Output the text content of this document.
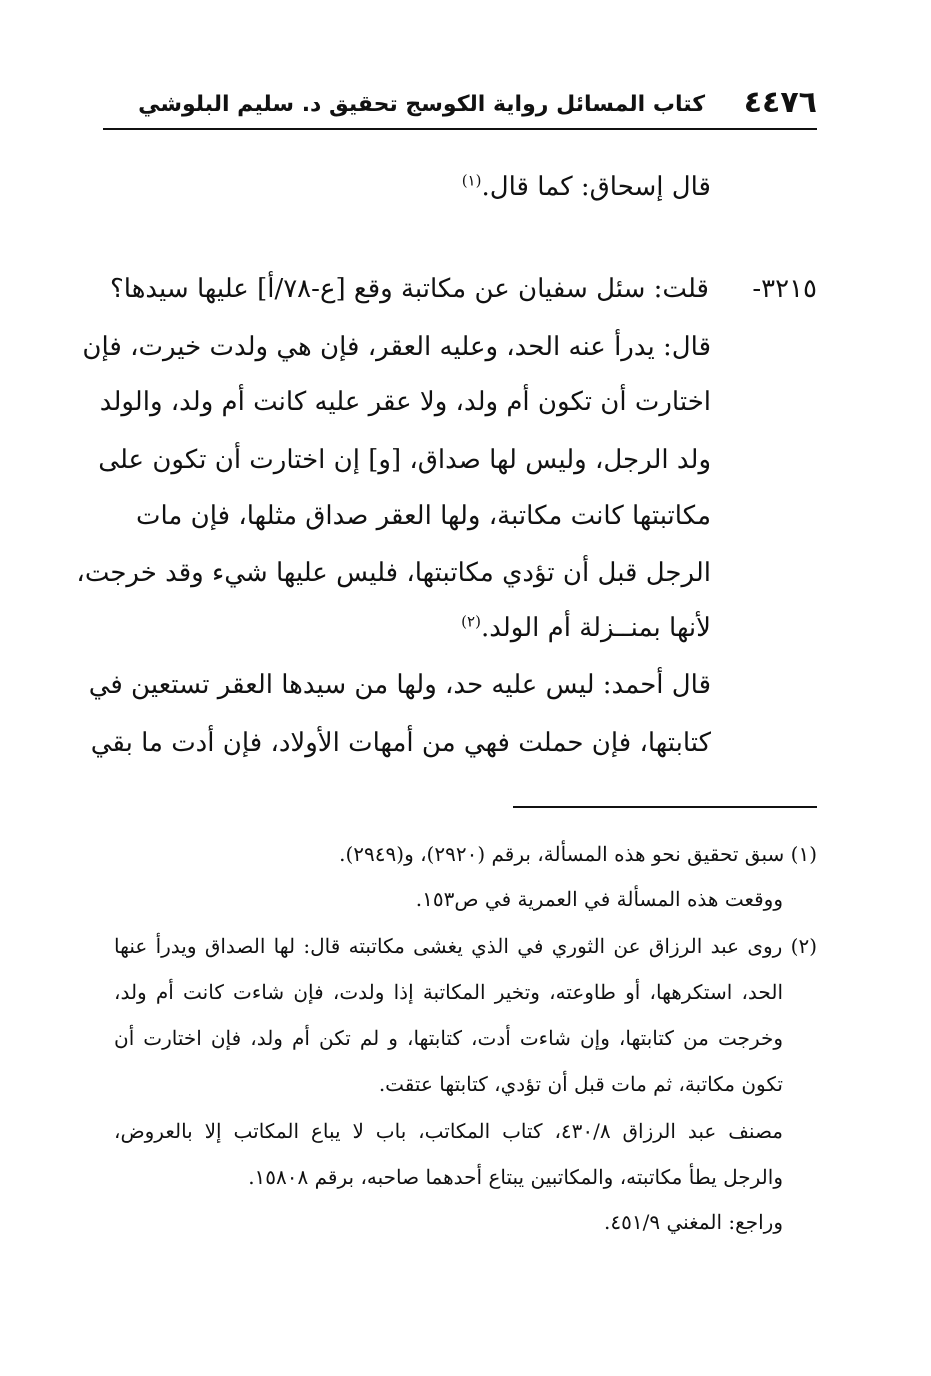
٤٤٧٦
كتاب المسائل رواية الكوسج تحقيق د. سليم البلوشي
قال إسحاق: كما قال.$^{(١)}$
٣٢١٥-
قلت: سئل سفيان عن مكاتبة وقع [ع-٧٨/أ] عليها سيدها؟
قال: يدرأ عنه الحد، وعليه العقر، فإن هي ولدت خيرت، فإن
اختارت أن تكون أم ولد، ولا عقر عليه كانت أم ولد، والولد
ولد الرجل، وليس لها صداق، [و] إن اختارت أن تكون على
مكاتبتها كانت مكاتبة، ولها العقر صداق مثلها، فإن مات
الرجل قبل أن تؤدي مكاتبتها، فليس عليها شيء وقد خرجت،
لأنها بمنــزلة أم الولد.$^{(٢)}$
قال أحمد: ليس عليه حد، ولها من سيدها العقر تستعين في
كتابتها، فإن حملت فهي من أمهات الأولاد، فإن أدت ما بقي
(١) سبق تحقيق نحو هذه المسألة، برقم (٢٩٢٠)، و(٢٩٤٩).
ووقعت هذه المسألة في العمرية في ص١٥٣.
(٢) روى عبد الرزاق عن الثوري في الذي يغشى مكاتبته قال: لها الصداق ويدرأ عنها
الحد، استكرهها، أو طاوعته، وتخير المكاتبة إذا ولدت، فإن شاءت كانت أم ولد،
وخرجت من كتابتها، وإن شاءت أدت، كتابتها، و لم تكن أم ولد، فإن اختارت أن
تكون مكاتبة، ثم مات قبل أن تؤدي، كتابتها عتقت.
مصنف عبد الرزاق ٤٣٠/٨، كتاب المكاتب، باب لا يباع المكاتب إلا بالعروض،
والرجل يطأ مكاتبته، والمكاتبين يبتاع أحدهما صاحبه، برقم ١٥٨٠٨.
وراجع: المغني ٤٥١/٩.
